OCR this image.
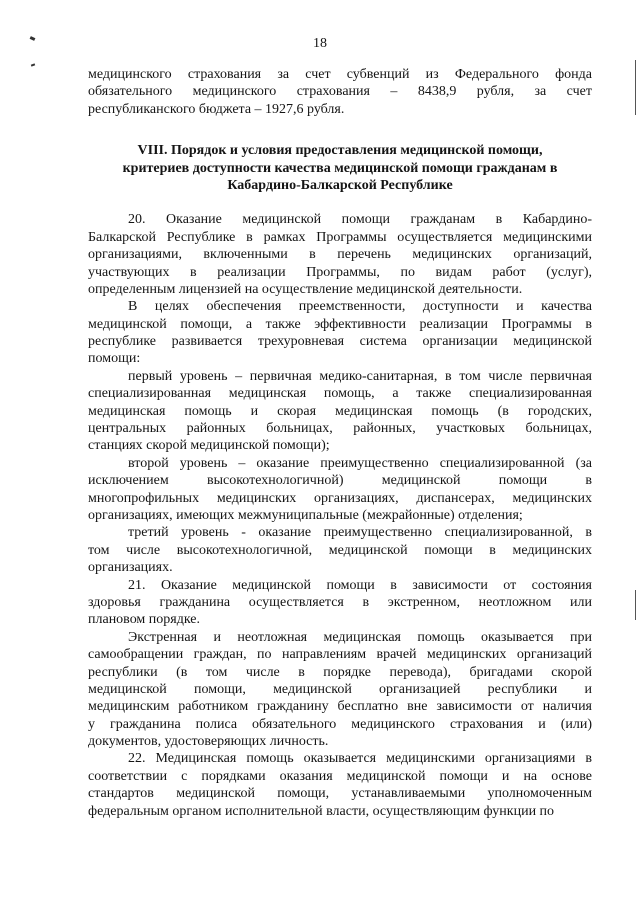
18
медицинского страхования за счет субвенций из Федерального фонда
обязательного медицинского страхования – 8438,9 рубля, за счет
республиканского бюджета – 1927,6 рубля.
VIII. Порядок и условия предоставления медицинской помощи,
критериев доступности качества медицинской помощи гражданам в
Кабардино-Балкарской Республике
20. Оказание медицинской помощи гражданам в Кабардино-
Балкарской Республике в рамках Программы осуществляется медицинскими
организациями, включенными в перечень медицинских организаций,
участвующих в реализации Программы, по видам работ (услуг),
определенным лицензией на осуществление медицинской деятельности.
В целях обеспечения преемственности, доступности и качества
медицинской помощи, а также эффективности реализации Программы в
республике развивается трехуровневая система организации медицинской
помощи:
первый уровень – первичная медико-санитарная, в том числе первичная
специализированная медицинская помощь, а также специализированная
медицинская помощь и скорая медицинская помощь (в городских,
центральных районных больницах, районных, участковых больницах,
станциях скорой медицинской помощи);
второй уровень – оказание преимущественно специализированной (за
исключением высокотехнологичной) медицинской помощи в
многопрофильных медицинских организациях, диспансерах, медицинских
организациях, имеющих межмуниципальные (межрайонные) отделения;
третий уровень - оказание преимущественно специализированной, в
том числе высокотехнологичной, медицинской помощи в медицинских
организациях.
21. Оказание медицинской помощи в зависимости от состояния
здоровья гражданина осуществляется в экстренном, неотложном или
плановом порядке.
Экстренная и неотложная медицинская помощь оказывается при
самообращении граждан, по направлениям врачей медицинских организаций
республики (в том числе в порядке перевода), бригадами скорой
медицинской помощи, медицинской организацией республики и
медицинским работником гражданину бесплатно вне зависимости от наличия
у гражданина полиса обязательного медицинского страхования и (или)
документов, удостоверяющих личность.
22. Медицинская помощь оказывается медицинскими организациями в
соответствии с порядками оказания медицинской помощи и на основе
стандартов медицинской помощи, устанавливаемыми уполномоченным
федеральным органом исполнительной власти, осуществляющим функции по
